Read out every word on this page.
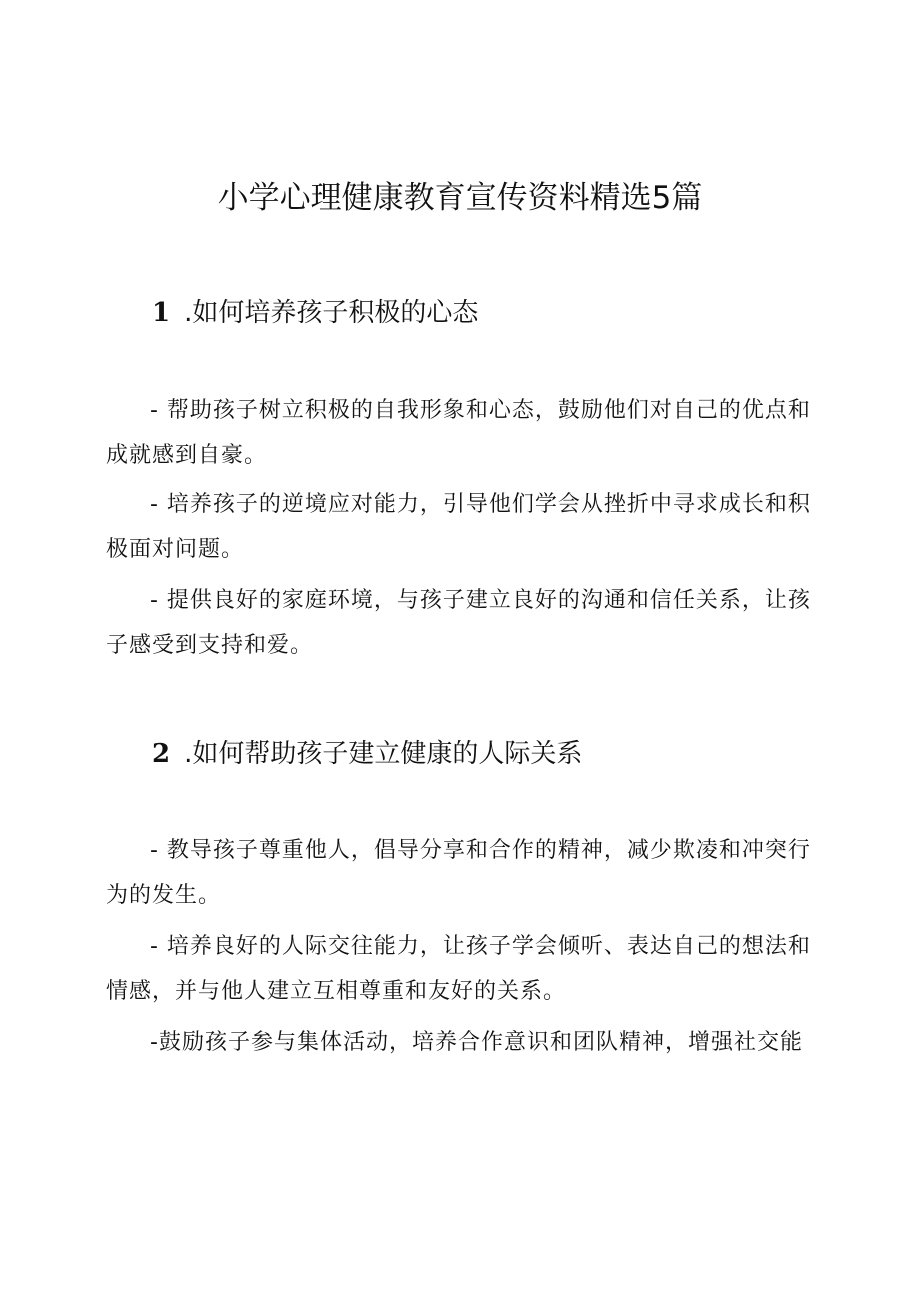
小学心理健康教育宣传资料精选5篇
1 .如何培养孩子积极的心态

- 帮助孩子树立积极的自我形象和心态，鼓励他们对自己的优点和成就感到自豪。

- 培养孩子的逆境应对能力，引导他们学会从挫折中寻求成长和积极面对问题。

- 提供良好的家庭环境，与孩子建立良好的沟通和信任关系，让孩子感受到支持和爱。

2 .如何帮助孩子建立健康的人际关系

- 教导孩子尊重他人，倡导分享和合作的精神，减少欺凌和冲突行为的发生。

- 培养良好的人际交往能力，让孩子学会倾听、表达自己的想法和情感，并与他人建立互相尊重和友好的关系。

-鼓励孩子参与集体活动，培养合作意识和团队精神，增强社交能
